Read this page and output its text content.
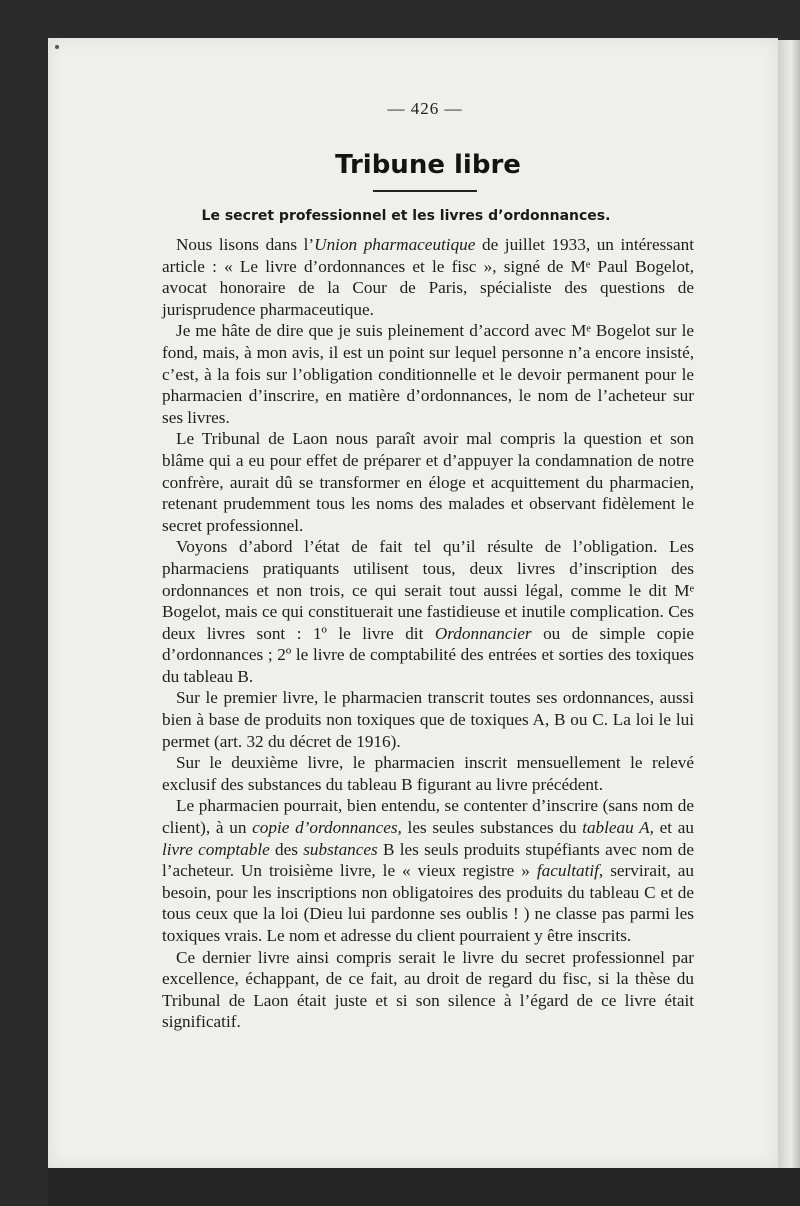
— 426 —
Tribune libre
Le secret professionnel et les livres d’ordonnances.

Nous lisons dans l’Union pharmaceutique de juillet 1933, un intéressant article : « Le livre d’ordonnances et le fisc », signé de Mᵉ Paul Bogelot, avocat honoraire de la Cour de Paris, spécialiste des questions de jurisprudence pharmaceutique.

Je me hâte de dire que je suis pleinement d’accord avec Mᵉ Bogelot sur le fond, mais, à mon avis, il est un point sur lequel personne n’a encore insisté, c’est, à la fois sur l’obligation conditionnelle et le devoir permanent pour le pharmacien d’inscrire, en matière d’ordonnances, le nom de l’acheteur sur ses livres.

Le Tribunal de Laon nous paraît avoir mal compris la question et son blâme qui a eu pour effet de préparer et d’appuyer la condamnation de notre confrère, aurait dû se transformer en éloge et acquittement du pharmacien, retenant prudemment tous les noms des malades et observant fidèlement le secret professionnel.

Voyons d’abord l’état de fait tel qu’il résulte de l’obligation. Les pharmaciens pratiquants utilisent tous, deux livres d’inscription des ordonnances et non trois, ce qui serait tout aussi légal, comme le dit Mᵉ Bogelot, mais ce qui constituerait une fastidieuse et inutile complication. Ces deux livres sont : 1º le livre dit Ordonnancier ou de simple copie d’ordonnances ; 2º le livre de comptabilité des entrées et sorties des toxiques du tableau B.

Sur le premier livre, le pharmacien transcrit toutes ses ordonnances, aussi bien à base de produits non toxiques que de toxiques A, B ou C. La loi le lui permet (art. 32 du décret de 1916).

Sur le deuxième livre, le pharmacien inscrit mensuellement le relevé exclusif des substances du tableau B figurant au livre précédent.

Le pharmacien pourrait, bien entendu, se contenter d’inscrire (sans nom de client), à un copie d’ordonnances, les seules substances du tableau A, et au livre comptable des substances B les seuls produits stupéfiants avec nom de l’acheteur. Un troisième livre, le « vieux registre » facultatif, servirait, au besoin, pour les inscriptions non obligatoires des produits du tableau C et de tous ceux que la loi (Dieu lui pardonne ses oublis ! ) ne classe pas parmi les toxiques vrais. Le nom et adresse du client pourraient y être inscrits.

Ce dernier livre ainsi compris serait le livre du secret professionnel par excellence, échappant, de ce fait, au droit de regard du fisc, si la thèse du Tribunal de Laon était juste et si son silence à l’égard de ce livre était significatif.
